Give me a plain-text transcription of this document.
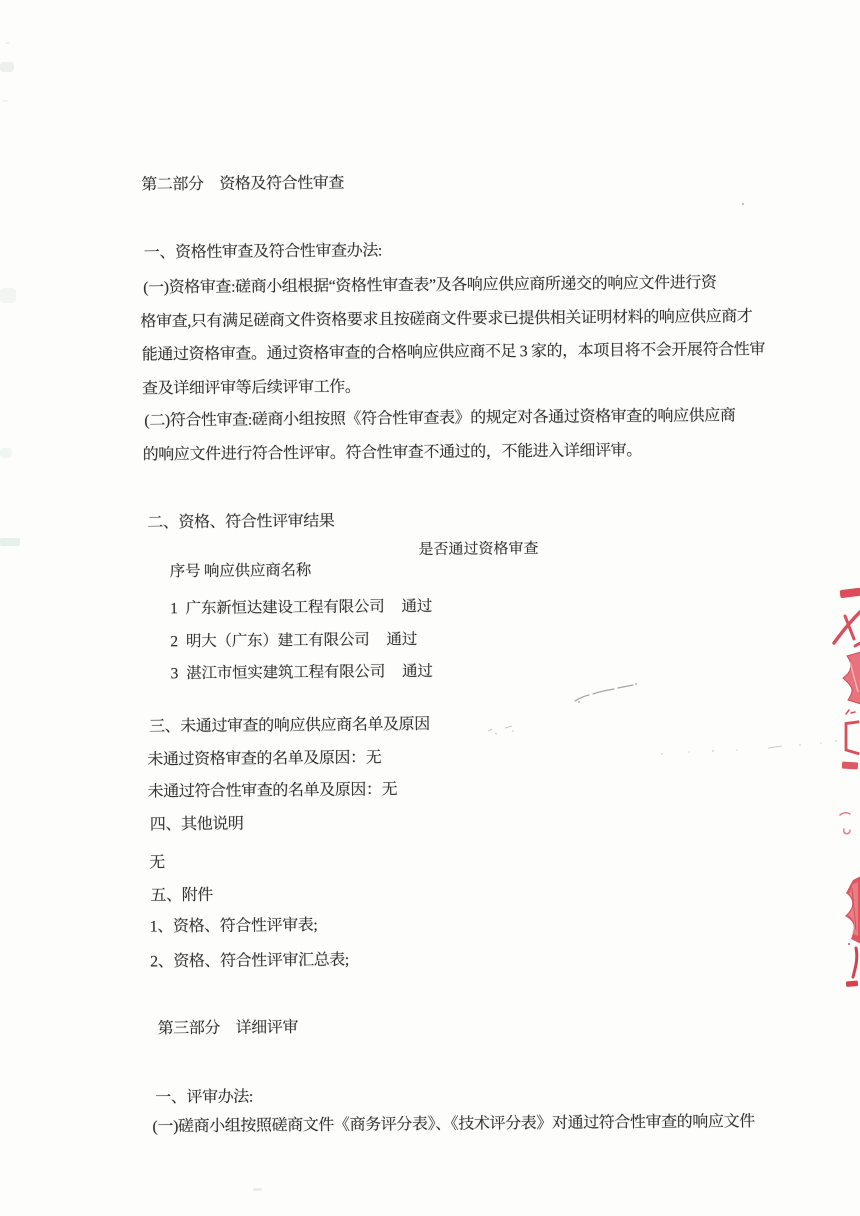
第二部分　资格及符合性审查
一、资格性审查及符合性审查办法:
(一)资格审查:磋商小组根据“资格性审查表”及各响应供应商所递交的响应文件进行资
格审查,只有满足磋商文件资格要求且按磋商文件要求已提供相关证明材料的响应供应商才
能通过资格审查。通过资格审查的合格响应供应商不足 3 家的，本项目将不会开展符合性审
查及详细评审等后续评审工作。
(二)符合性审查:磋商小组按照《符合性审查表》的规定对各通过资格审查的响应供应商
的响应文件进行符合性评审。符合性审查不通过的，不能进入详细评审。
二、资格、符合性评审结果

序号 响应供应商名称

是否通过资格审查

1 广东新恒达建设工程有限公司 通过

2 明大（广东）建工有限公司 通过

3 湛江市恒实建筑工程有限公司 通过

三、未通过审查的响应供应商名单及原因
未通过资格审查的名单及原因：无
未通过符合性审查的名单及原因：无
四、其他说明
无
五、附件
1、资格、符合性评审表;
2、资格、符合性评审汇总表;
第三部分　详细评审
一、评审办法:
(一)磋商小组按照磋商文件《商务评分表》、《技术评分表》对通过符合性审查的响应文件
